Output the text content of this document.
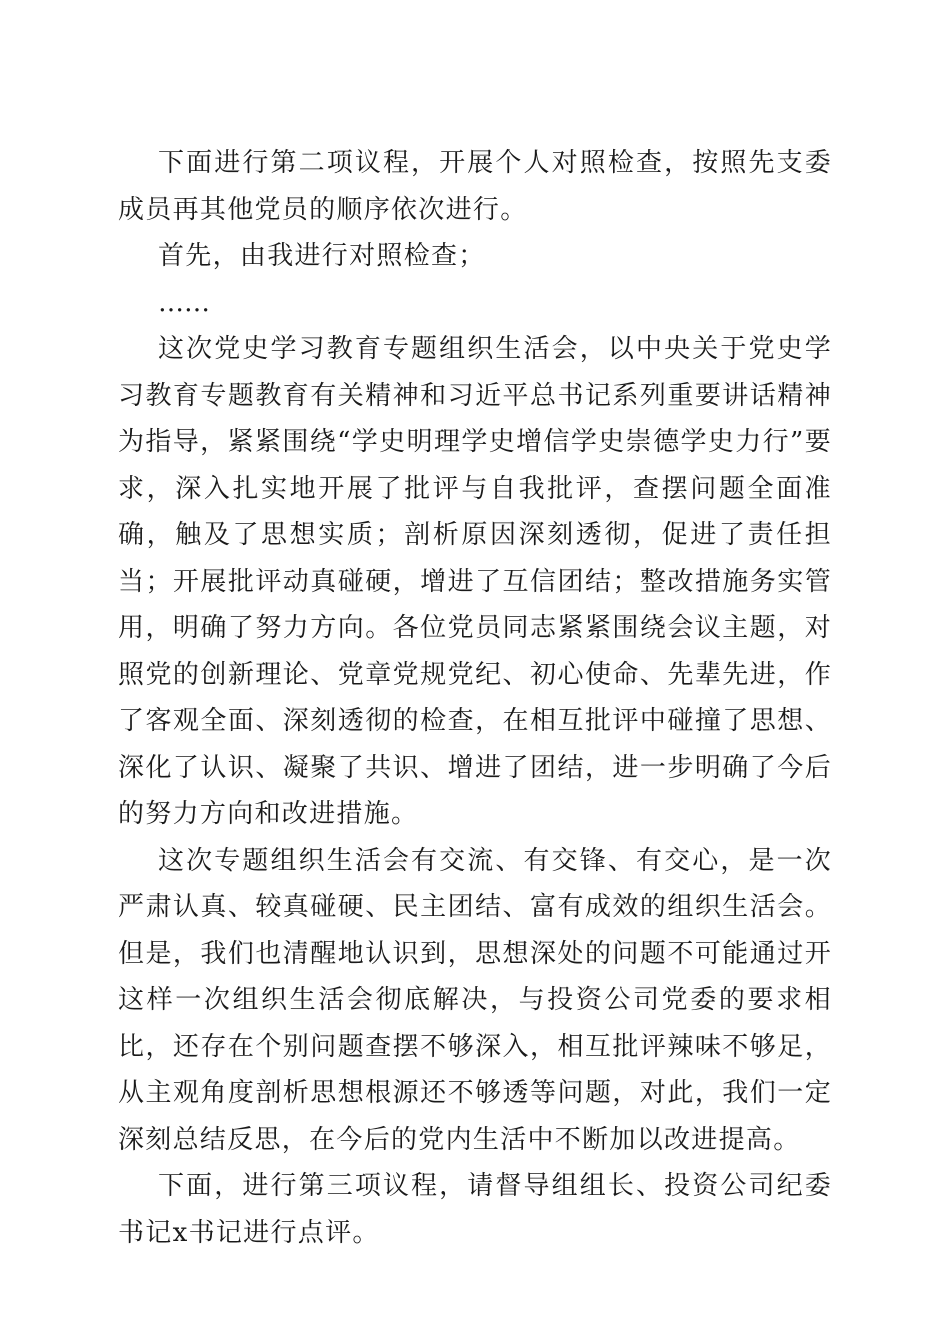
下面进行第二项议程，开展个人对照检查，按照先支委成员再其他党员的顺序依次进行。

首先，由我进行对照检查；

……

这次党史学习教育专题组织生活会，以中央关于党史学习教育专题教育有关精神和习近平总书记系列重要讲话精神为指导，紧紧围绕“学史明理学史增信学史崇德学史力行”要求，深入扎实地开展了批评与自我批评，查摆问题全面准确，触及了思想实质；剖析原因深刻透彻，促进了责任担当；开展批评动真碰硬，增进了互信团结；整改措施务实管用，明确了努力方向。各位党员同志紧紧围绕会议主题，对照党的创新理论、党章党规党纪、初心使命、先辈先进，作了客观全面、深刻透彻的检查，在相互批评中碰撞了思想、深化了认识、凝聚了共识、增进了团结，进一步明确了今后的努力方向和改进措施。

这次专题组织生活会有交流、有交锋、有交心，是一次严肃认真、较真碰硬、民主团结、富有成效的组织生活会。但是，我们也清醒地认识到，思想深处的问题不可能通过开这样一次组织生活会彻底解决，与投资公司党委的要求相比，还存在个别问题查摆不够深入，相互批评辣味不够足，从主观角度剖析思想根源还不够透等问题，对此，我们一定深刻总结反思，在今后的党内生活中不断加以改进提高。

下面，进行第三项议程，请督导组组长、投资公司纪委书记x书记进行点评。
